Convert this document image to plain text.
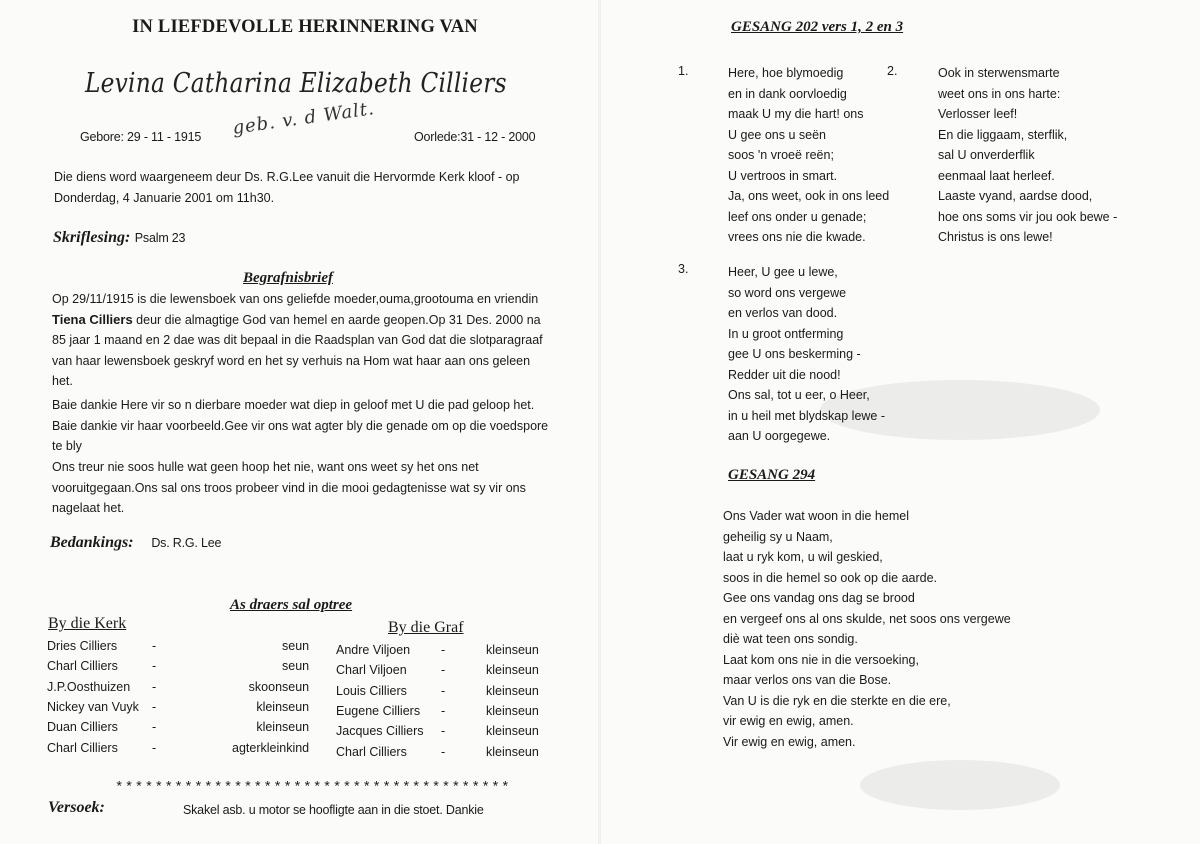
IN LIEFDEVOLLE HERINNERING VAN
Levina Catharina Elizabeth Cilliers
geb. v. d Walt.
Gebore: 29 - 11 - 1915	Oorlede:31 - 12 - 2000
Die diens word waargeneem deur Ds. R.G.Lee vanuit die Hervormde Kerk kloof - op Donderdag, 4 Januarie 2001 om 11h30.
Skriflesing: Psalm 23
Begrafnisbrief
Op 29/11/1915 is die lewensboek van ons geliefde moeder,ouma,grootouma en vriendin Tiena Cilliers deur die almagtige God van hemel en aarde geopen.Op 31 Des. 2000 na 85 jaar 1 maand en 2 dae was dit bepaal in die Raadsplan van God dat die slotparagraaf van haar lewensboek geskryf word en het sy verhuis na Hom wat haar aan ons geleen het.
Baie dankie Here vir so n dierbare moeder wat diep in geloof met U die pad geloop het. Baie dankie vir haar voorbeeld.Gee vir ons wat agter bly die genade om op die voedspore te bly
Ons treur nie soos hulle wat geen hoop het nie, want ons weet sy het ons net vooruitgegaan.Ons sal ons troos probeer vind in die mooi gedagtenisse wat sy vir ons nagelaat het.
Bedankings: Ds. R.G. Lee
As draers sal optree
By die Kerk	By die Graf
Dries Cilliers	-	seun
Charl Cilliers	-	seun
J.P.Oosthuizen	-	skoonseun
Nickey van Vuyk	-	kleinseun
Duan Cilliers	-	kleinseun
Charl Cilliers	-	agterkleinkind
Andre Viljoen	-	kleinseun
Charl Viljoen	-	kleinseun
Louis Cilliers	-	kleinseun
Eugene Cilliers	-	kleinseun
Jacques Cilliers	-	kleinseun
Charl Cilliers	-	kleinseun
****************************************
Versoek:	Skakel asb. u motor se hoofligte aan in die stoet. Dankie
GESANG 202 vers 1, 2 en 3
1.	Here, hoe blymoedig
en in dank oorvloedig
maak U my die hart! ons
U gee ons u seën
soos 'n vroeë reën;
U vertroos in smart.
Ja, ons weet, ook in ons leed
leef ons onder u genade;
vrees ons nie die kwade.
2.	Ook in sterwensmarte
weet ons in ons harte:
Verlosser leef!
En die liggaam, sterflik,
sal U onverderflik
eenmaal laat herleef.
Laaste vyand, aardse dood,
hoe ons soms vir jou ook bewe -
Christus is ons lewe!
3.	Heer, U gee u lewe,
so word ons vergewe
en verlos van dood.
In u groot ontferming
gee U ons beskerming -
Redder uit die nood!
Ons sal, tot u eer, o Heer,
in u heil met blydskap lewe -
aan U oorgegewe.
GESANG 294
Ons Vader wat woon in die hemel
geheilig sy u Naam,
laat u ryk kom, u wil geskied,
soos in die hemel so ook op die aarde.
Gee ons vandag ons dag se brood
en vergeef ons al ons skulde, net soos ons vergewe
diè wat teen ons sondig.
Laat kom ons nie in die versoeking,
maar verlos ons van die Bose.
Van U is die ryk en die sterkte en die ere,
vir ewig en ewig, amen.
Vir ewig en ewig, amen.
